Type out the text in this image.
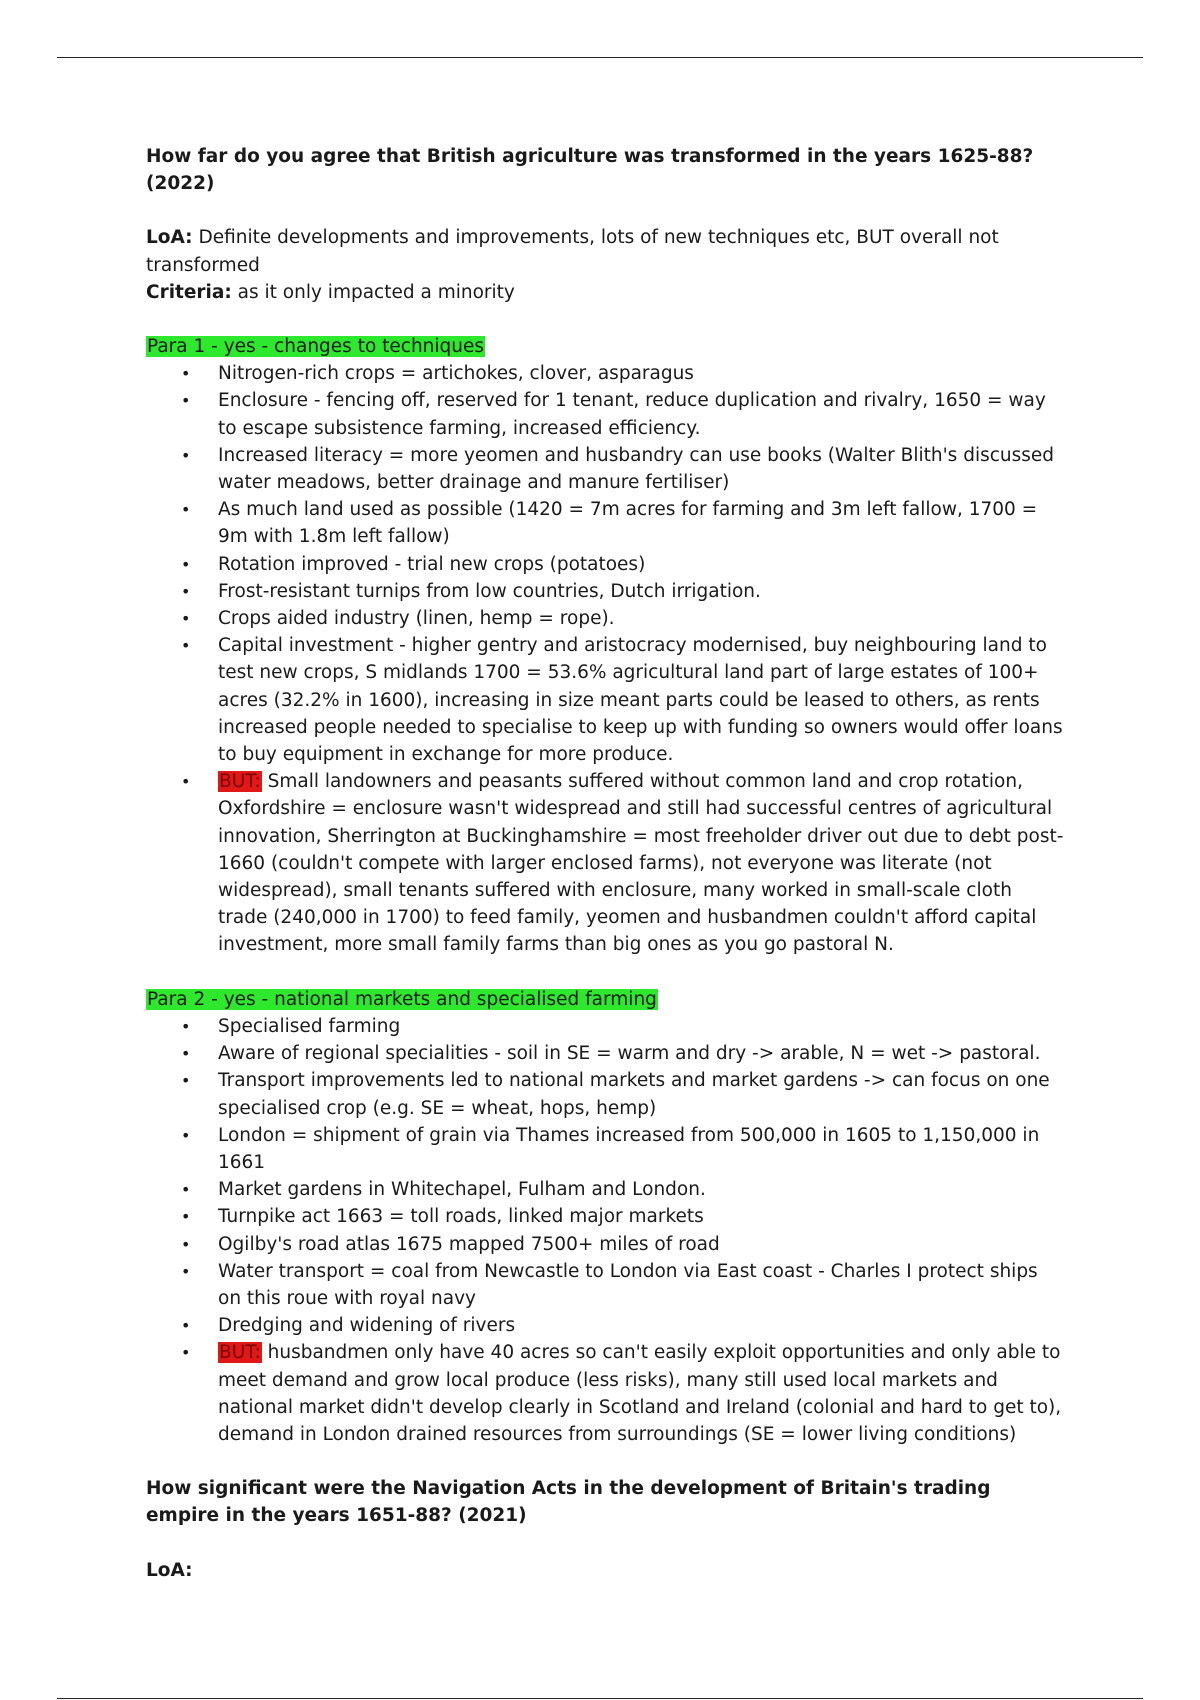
How far do you agree that British agriculture was transformed in the years 1625-88? (2022)

LoA: Definite developments and improvements, lots of new techniques etc, BUT overall not transformed

Criteria: as it only impacted a minority

Para 1 - yes - changes to techniques

• Nitrogen-rich crops = artichokes, clover, asparagus
• Enclosure - fencing off, reserved for 1 tenant, reduce duplication and rivalry, 1650 = way to escape subsistence farming, increased efficiency.
• Increased literacy = more yeomen and husbandry can use books (Walter Blith's discussed water meadows, better drainage and manure fertiliser)
• As much land used as possible (1420 = 7m acres for farming and 3m left fallow, 1700 = 9m with 1.8m left fallow)
• Rotation improved - trial new crops (potatoes)
• Frost-resistant turnips from low countries, Dutch irrigation.
• Crops aided industry (linen, hemp = rope).
• Capital investment - higher gentry and aristocracy modernised, buy neighbouring land to test new crops, S midlands 1700 = 53.6% agricultural land part of large estates of 100+ acres (32.2% in 1600), increasing in size meant parts could be leased to others, as rents increased people needed to specialise to keep up with funding so owners would offer loans to buy equipment in exchange for more produce.
• BUT: Small landowners and peasants suffered without common land and crop rotation, Oxfordshire = enclosure wasn't widespread and still had successful centres of agricultural innovation, Sherrington at Buckinghamshire = most freeholder driver out due to debt post-1660 (couldn't compete with larger enclosed farms), not everyone was literate (not widespread), small tenants suffered with enclosure, many worked in small-scale cloth trade (240,000 in 1700) to feed family, yeomen and husbandmen couldn't afford capital investment, more small family farms than big ones as you go pastoral N.

Para 2 - yes - national markets and specialised farming

• Specialised farming
• Aware of regional specialities - soil in SE = warm and dry -> arable, N = wet -> pastoral.
• Transport improvements led to national markets and market gardens -> can focus on one specialised crop (e.g. SE = wheat, hops, hemp)
• London = shipment of grain via Thames increased from 500,000 in 1605 to 1,150,000 in 1661
• Market gardens in Whitechapel, Fulham and London.
• Turnpike act 1663 = toll roads, linked major markets
• Ogilby's road atlas 1675 mapped 7500+ miles of road
• Water transport = coal from Newcastle to London via East coast - Charles I protect ships on this roue with royal navy
• Dredging and widening of rivers
• BUT: husbandmen only have 40 acres so can't easily exploit opportunities and only able to meet demand and grow local produce (less risks), many still used local markets and national market didn't develop clearly in Scotland and Ireland (colonial and hard to get to), demand in London drained resources from surroundings (SE = lower living conditions)

How significant were the Navigation Acts in the development of Britain's trading empire in the years 1651-88? (2021)

LoA:
